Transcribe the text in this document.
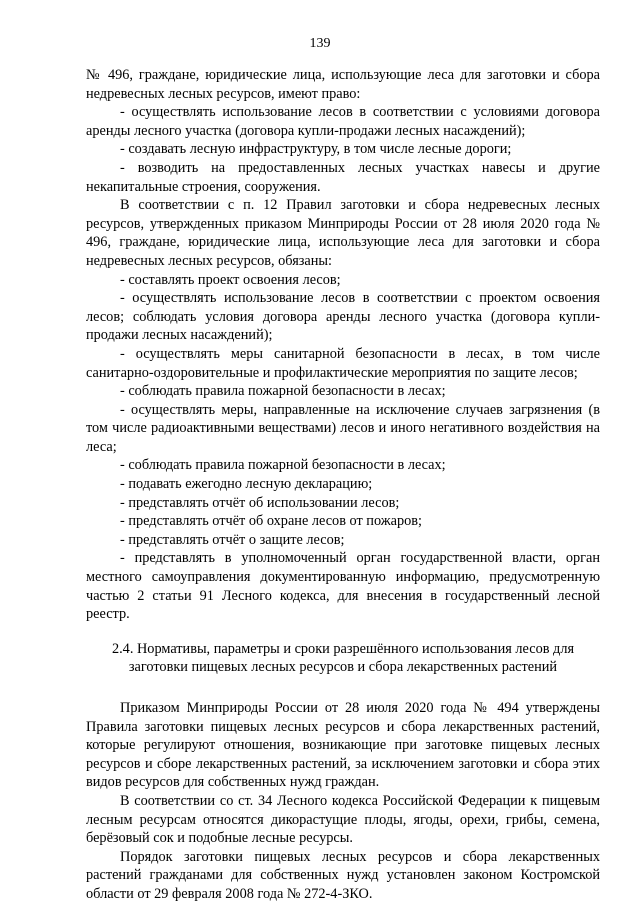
139

№ 496, граждане, юридические лица, использующие леса для заготовки и сбора недревесных лесных ресурсов, имеют право:

- осуществлять использование лесов в соответствии с условиями договора аренды лесного участка (договора купли-продажи лесных насаждений);

- создавать лесную инфраструктуру, в том числе лесные дороги;

- возводить на предоставленных лесных участках навесы и другие некапитальные строения, сооружения.

В соответствии с п. 12 Правил заготовки и сбора недревесных лесных ресурсов, утвержденных приказом Минприроды России от 28 июля 2020 года № 496, граждане, юридические лица, использующие леса для заготовки и сбора недревесных лесных ресурсов, обязаны:

- составлять проект освоения лесов;

- осуществлять использование лесов в соответствии с проектом освоения лесов; соблюдать условия договора аренды лесного участка (договора купли-продажи лесных насаждений);

- осуществлять меры санитарной безопасности в лесах, в том числе санитарно-оздоровительные и профилактические мероприятия по защите лесов;

- соблюдать правила пожарной безопасности в лесах;

- осуществлять меры, направленные на исключение случаев загрязнения (в том числе радиоактивными веществами) лесов и иного негативного воздействия на леса;

- соблюдать правила пожарной безопасности в лесах;

- подавать ежегодно лесную декларацию;

- представлять отчёт об использовании лесов;

- представлять отчёт об охране лесов от пожаров;

- представлять отчёт о защите лесов;

- представлять в уполномоченный орган государственной власти, орган местного самоуправления документированную информацию, предусмотренную частью 2 статьи 91 Лесного кодекса, для внесения в государственный лесной реестр.

2.4. Нормативы, параметры и сроки разрешённого использования лесов для заготовки пищевых лесных ресурсов и сбора лекарственных растений

Приказом Минприроды России от 28 июля 2020 года № 494 утверждены Правила заготовки пищевых лесных ресурсов и сбора лекарственных растений, которые регулируют отношения, возникающие при заготовке пищевых лесных ресурсов и сборе лекарственных растений, за исключением заготовки и сбора этих видов ресурсов для собственных нужд граждан.

В соответствии со ст. 34 Лесного кодекса Российской Федерации к пищевым лесным ресурсам относятся дикорастущие плоды, ягоды, орехи, грибы, семена, берёзовый сок и подобные лесные ресурсы.

Порядок заготовки пищевых лесных ресурсов и сбора лекарственных растений гражданами для собственных нужд установлен законом Костромской области от 29 февраля 2008 года № 272-4-ЗКО.
